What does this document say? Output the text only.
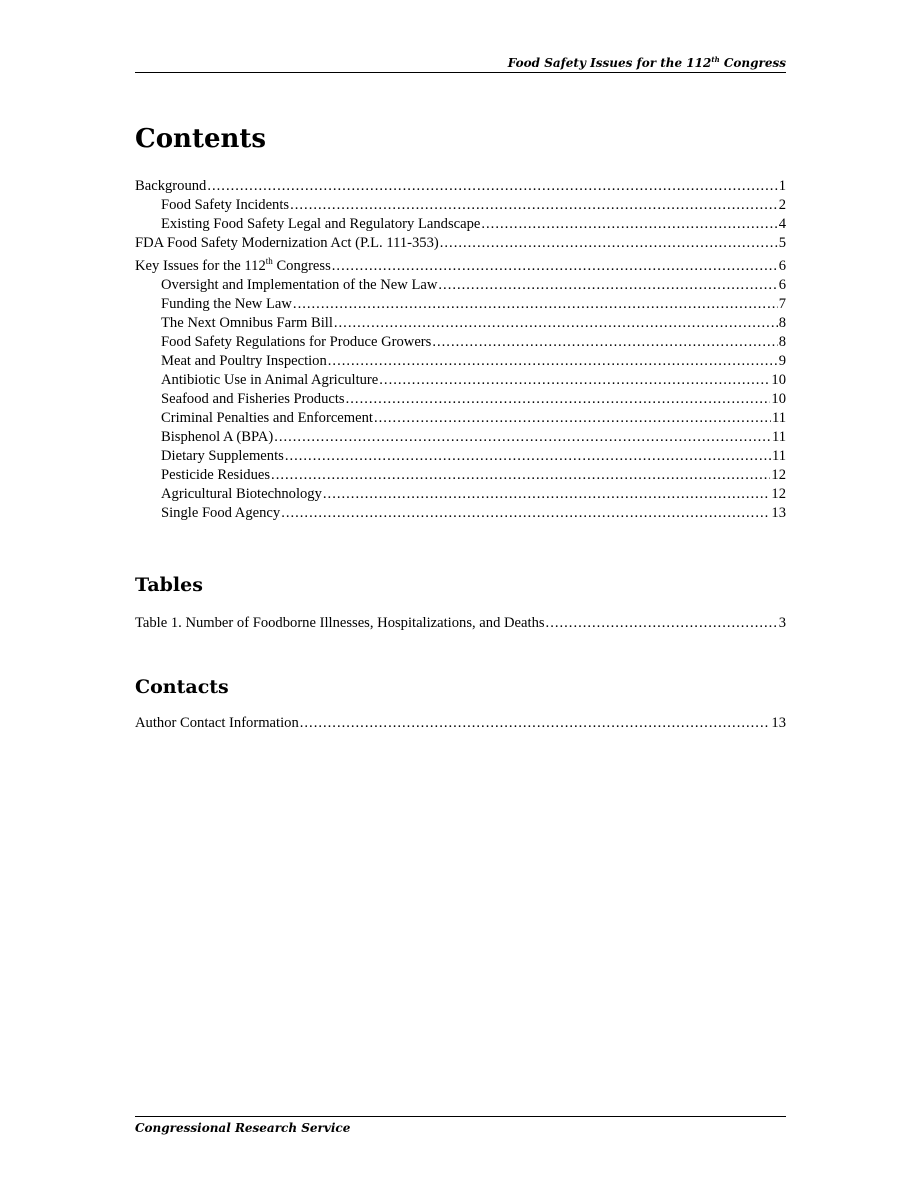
Food Safety Issues for the 112th Congress
Contents
Background .....	1
Food Safety Incidents .....	2
Existing Food Safety Legal and Regulatory Landscape .....	4
FDA Food Safety Modernization Act (P.L. 111-353) .....	5
Key Issues for the 112th Congress .....	6
Oversight and Implementation of the New Law .....	6
Funding the New Law .....	7
The Next Omnibus Farm Bill .....	8
Food Safety Regulations for Produce Growers .....	8
Meat and Poultry Inspection .....	9
Antibiotic Use in Animal Agriculture .....	10
Seafood and Fisheries Products .....	10
Criminal Penalties and Enforcement .....	11
Bisphenol A (BPA) .....	11
Dietary Supplements .....	11
Pesticide Residues .....	12
Agricultural Biotechnology .....	12
Single Food Agency .....	13
Tables
Table 1. Number of Foodborne Illnesses, Hospitalizations, and Deaths .....	3
Contacts
Author Contact Information .....	13
Congressional Research Service
